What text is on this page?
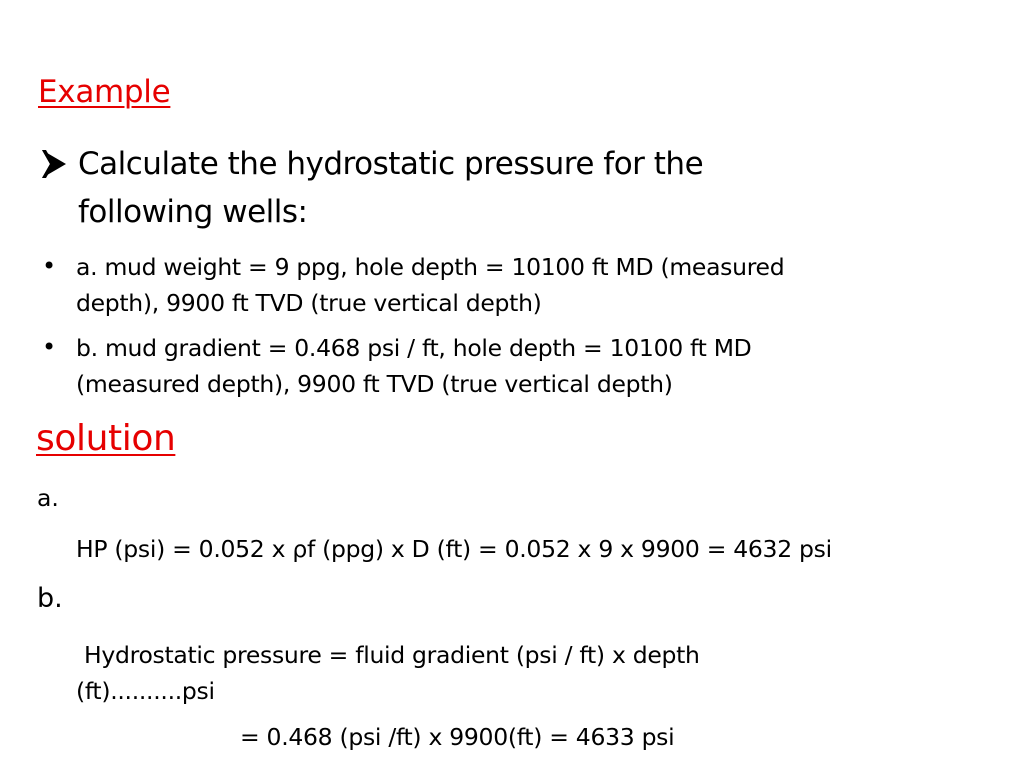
Example
Calculate the hydrostatic pressure for the
following wells:
• a. mud weight = 9 ppg, hole depth = 10100 ft MD (measured
depth), 9900 ft TVD (true vertical depth)
• b. mud gradient = 0.468 psi / ft, hole depth = 10100 ft MD
(measured depth), 9900 ft TVD (true vertical depth)
solution
a.
HP (psi) = 0.052 x ρf (ppg) x D (ft) = 0.052 x 9 x 9900 = 4632 psi
b.
Hydrostatic pressure = fluid gradient (psi / ft) x depth
(ft)..........psi
= 0.468 (psi /ft) x 9900(ft) = 4633 psi
